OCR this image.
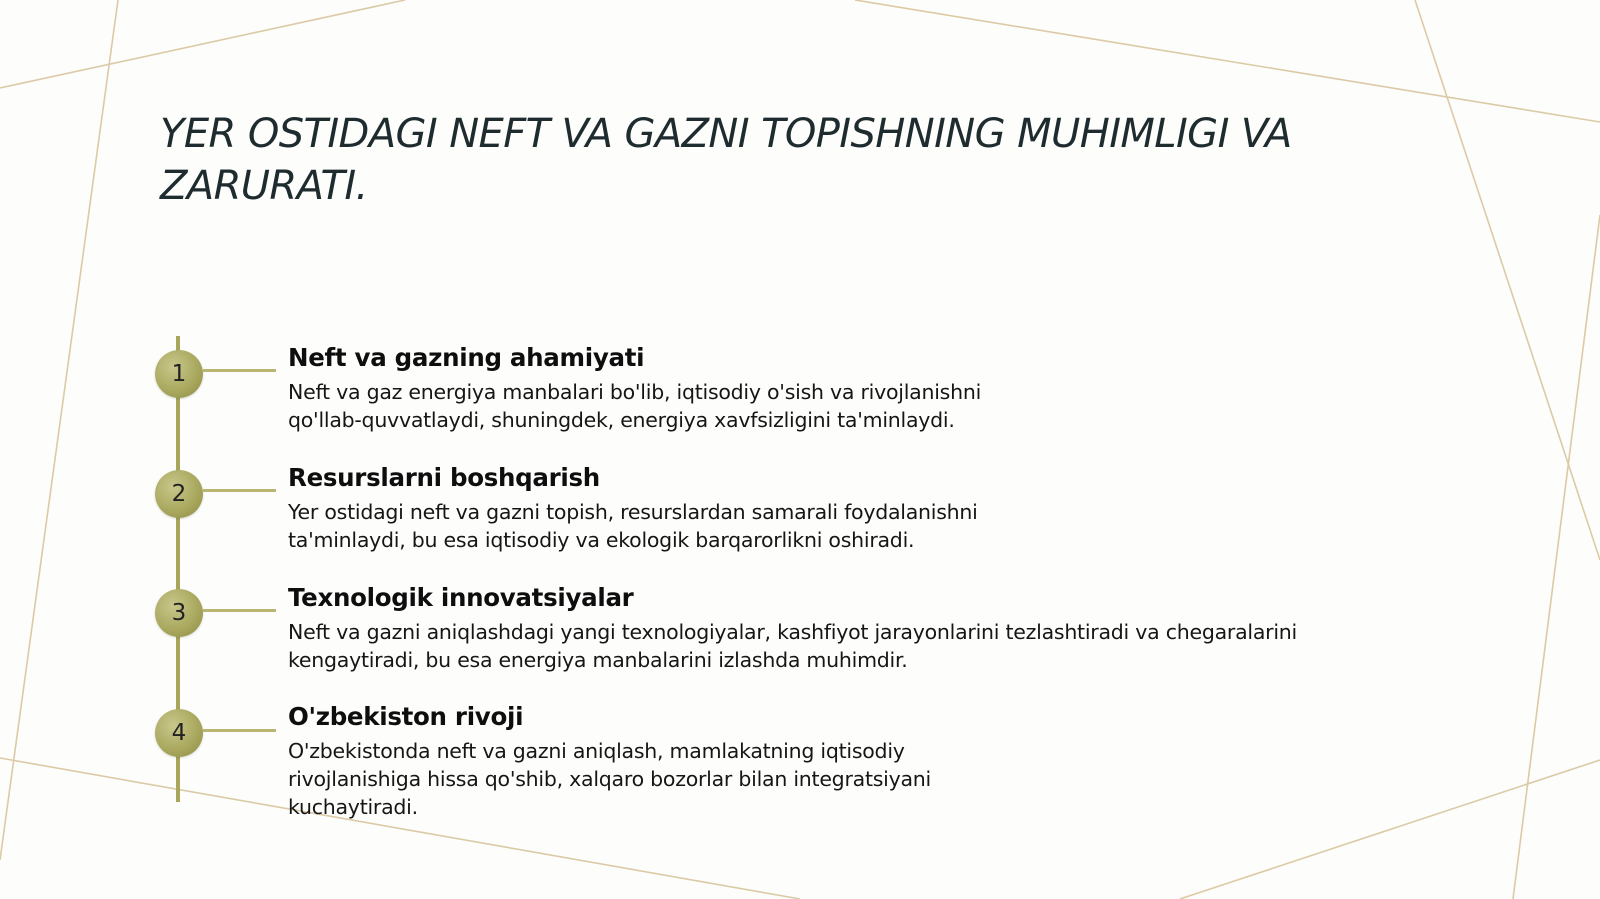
YER OSTIDAGI NEFT VA GAZNI TOPISHNING MUHIMLIGI VA ZARURATI.
1
Neft va gazning ahamiyati

Neft va gaz energiya manbalari bo'lib, iqtisodiy o'sish va rivojlanishni qo'llab-quvvatlaydi, shuningdek, energiya xavfsizligini ta'minlaydi.

2
Resurslarni boshqarish

Yer ostidagi neft va gazni topish, resurslardan samarali foydalanishni ta'minlaydi, bu esa iqtisodiy va ekologik barqarorlikni oshiradi.

3
Texnologik innovatsiyalar

Neft va gazni aniqlashdagi yangi texnologiyalar, kashfiyot jarayonlarini tezlashtiradi va chegaralarini kengaytiradi, bu esa energiya manbalarini izlashda muhimdir.

4
O'zbekiston rivoji

O'zbekistonda neft va gazni aniqlash, mamlakatning iqtisodiy rivojlanishiga hissa qo'shib, xalqaro bozorlar bilan integratsiyani kuchaytiradi.
